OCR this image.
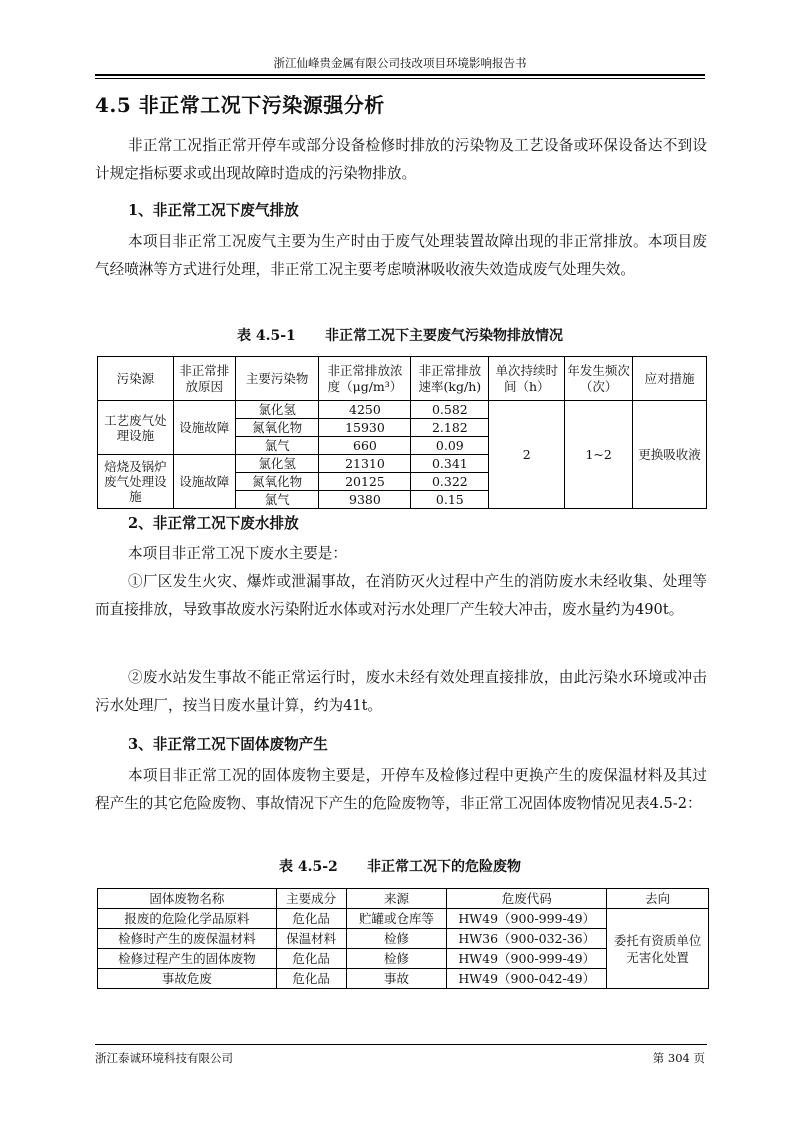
浙江仙峰贵金属有限公司技改项目环境影响报告书
4.5 非正常工况下污染源强分析

非正常工况指正常开停车或部分设备检修时排放的污染物及工艺设备或环保设备达不到设计规定指标要求或出现故障时造成的污染物排放。

1、非正常工况下废气排放

本项目非正常工况废气主要为生产时由于废气处理装置故障出现的非正常排放。本项目废气经喷淋等方式进行处理，非正常工况主要考虑喷淋吸收液失效造成废气处理失效。

表 4.5-1      非正常工况下主要废气污染物排放情况
污染源	非正常排放原因	主要污染物	非正常排放浓度（μg/m³）	非正常排放速率(kg/h)	单次持续时间（h）	年发生频次（次）	应对措施
工艺废气处理设施	设施故障	氯化氢	4250	0.582	2	1~2	更换吸收液
		氮氧化物	15930	2.182			
		氯气	660	0.09			
焙烧及锅炉废气处理设施	设施故障	氯化氢	21310	0.341			
		氮氧化物	20125	0.322			
		氯气	9380	0.15			
2、非正常工况下废水排放

本项目非正常工况下废水主要是：

①厂区发生火灾、爆炸或泄漏事故，在消防灭火过程中产生的消防废水未经收集、处理等而直接排放，导致事故废水污染附近水体或对污水处理厂产生较大冲击，废水量约为490t。

②废水站发生事故不能正常运行时，废水未经有效处理直接排放，由此污染水环境或冲击污水处理厂，按当日废水量计算，约为41t。

3、非正常工况下固体废物产生

本项目非正常工况的固体废物主要是，开停车及检修过程中更换产生的废保温材料及其过程产生的其它危险废物、事故情况下产生的危险废物等，非正常工况固体废物情况见表4.5-2：

表 4.5-2      非正常工况下的危险废物
固体废物名称	主要成分	来源	危废代码	去向
报废的危险化学品原料	危化品	贮罐或仓库等	HW49（900-999-49）	委托有资质单位无害化处置
检修时产生的废保温材料	保温材料	检修	HW36（900-032-36）	
检修过程产生的固体废物	危化品	检修	HW49（900-999-49）	
事故危废	危化品	事故	HW49（900-042-49）	
浙江泰诚环境科技有限公司	第 304 页
